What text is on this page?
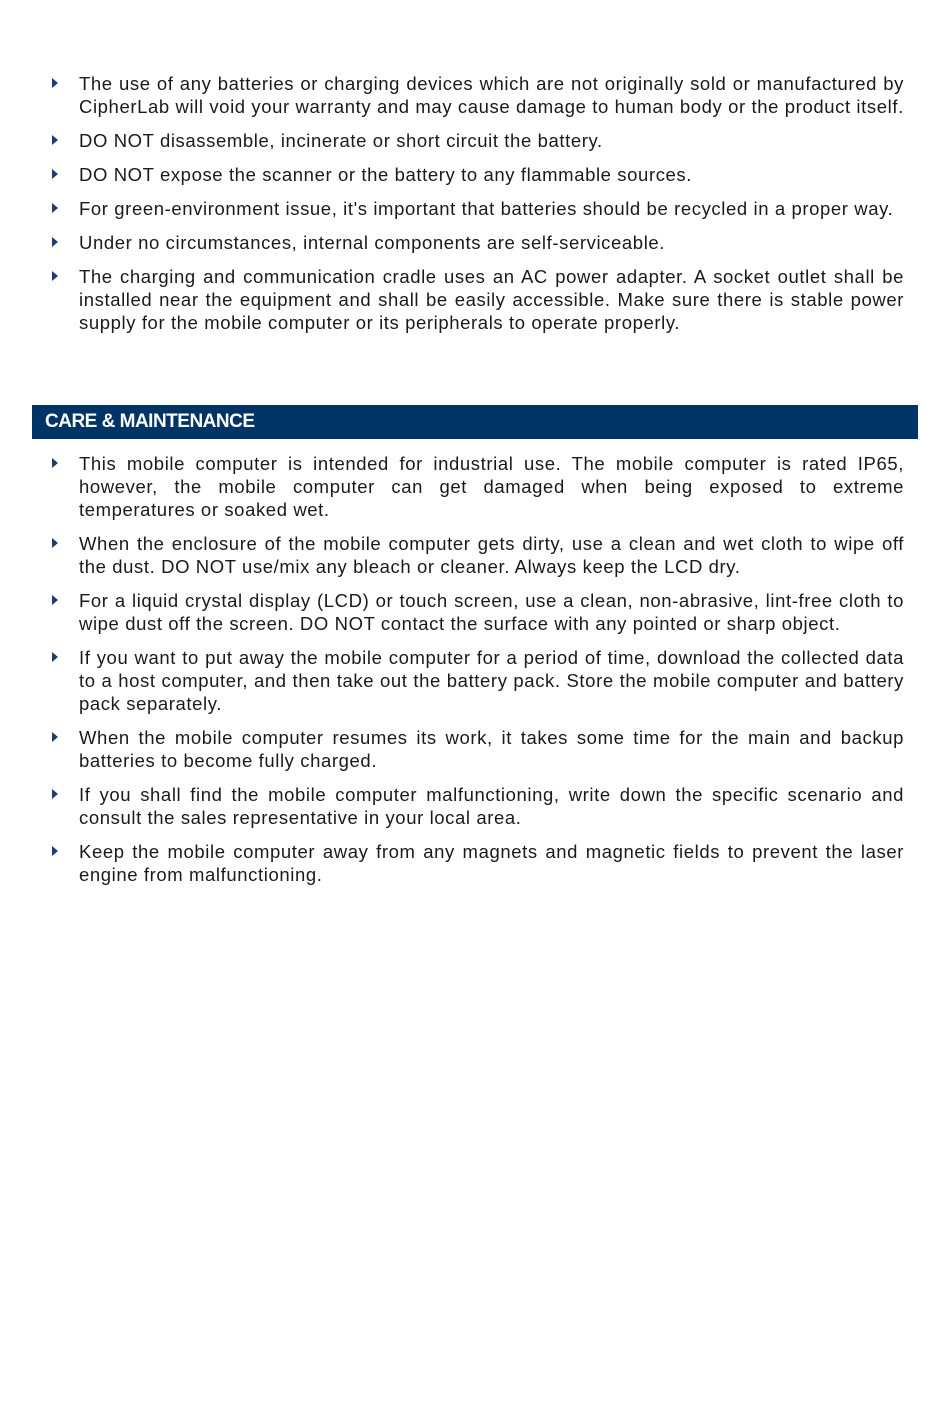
The use of any batteries or charging devices which are not originally sold or manufactured by CipherLab will void your warranty and may cause damage to human body or the product itself.
DO NOT disassemble, incinerate or short circuit the battery.
DO NOT expose the scanner or the battery to any flammable sources.
For green-environment issue, it's important that batteries should be recycled in a proper way.
Under no circumstances, internal components are self-serviceable.
The charging and communication cradle uses an AC power adapter. A socket outlet shall be installed near the equipment and shall be easily accessible. Make sure there is stable power supply for the mobile computer or its peripherals to operate properly.
CARE & MAINTENANCE
This mobile computer is intended for industrial use. The mobile computer is rated IP65, however, the mobile computer can get damaged when being exposed to extreme temperatures or soaked wet.
When the enclosure of the mobile computer gets dirty, use a clean and wet cloth to wipe off the dust. DO NOT use/mix any bleach or cleaner. Always keep the LCD dry.
For a liquid crystal display (LCD) or touch screen, use a clean, non-abrasive, lint-free cloth to wipe dust off the screen. DO NOT contact the surface with any pointed or sharp object.
If you want to put away the mobile computer for a period of time, download the collected data to a host computer, and then take out the battery pack. Store the mobile computer and battery pack separately.
When the mobile computer resumes its work, it takes some time for the main and backup batteries to become fully charged.
If you shall find the mobile computer malfunctioning, write down the specific scenario and consult the sales representative in your local area.
Keep the mobile computer away from any magnets and magnetic fields to prevent the laser engine from malfunctioning.
